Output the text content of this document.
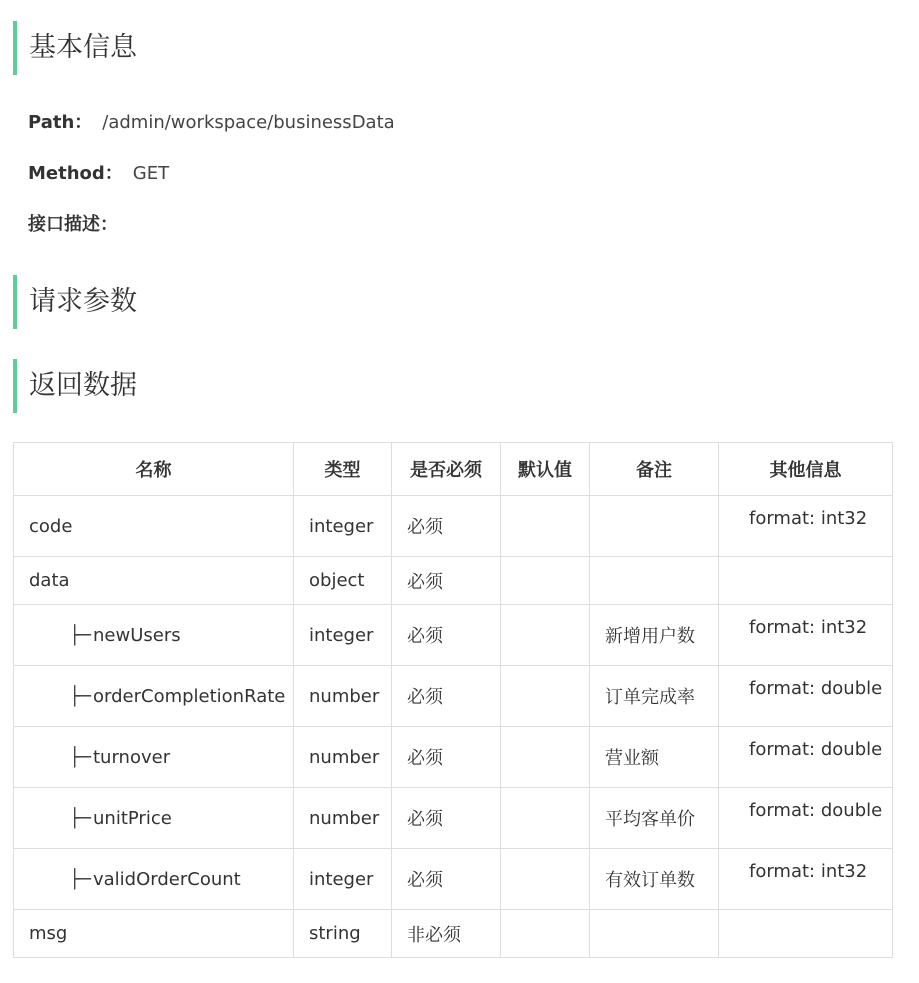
基本信息
Path： /admin/workspace/businessData
Method： GET
接口描述：
请求参数
返回数据
名称	类型	是否必须	默认值	备注	其他信息
code	integer	必须			format: int32
data	object	必须			
├─ newUsers	integer	必须		新增用户数	format: int32
├─ orderCompletionRate	number	必须		订单完成率	format: double
├─ turnover	number	必须		营业额	format: double
├─ unitPrice	number	必须		平均客单价	format: double
├─ validOrderCount	integer	必须		有效订单数	format: int32
msg	string	非必须			
